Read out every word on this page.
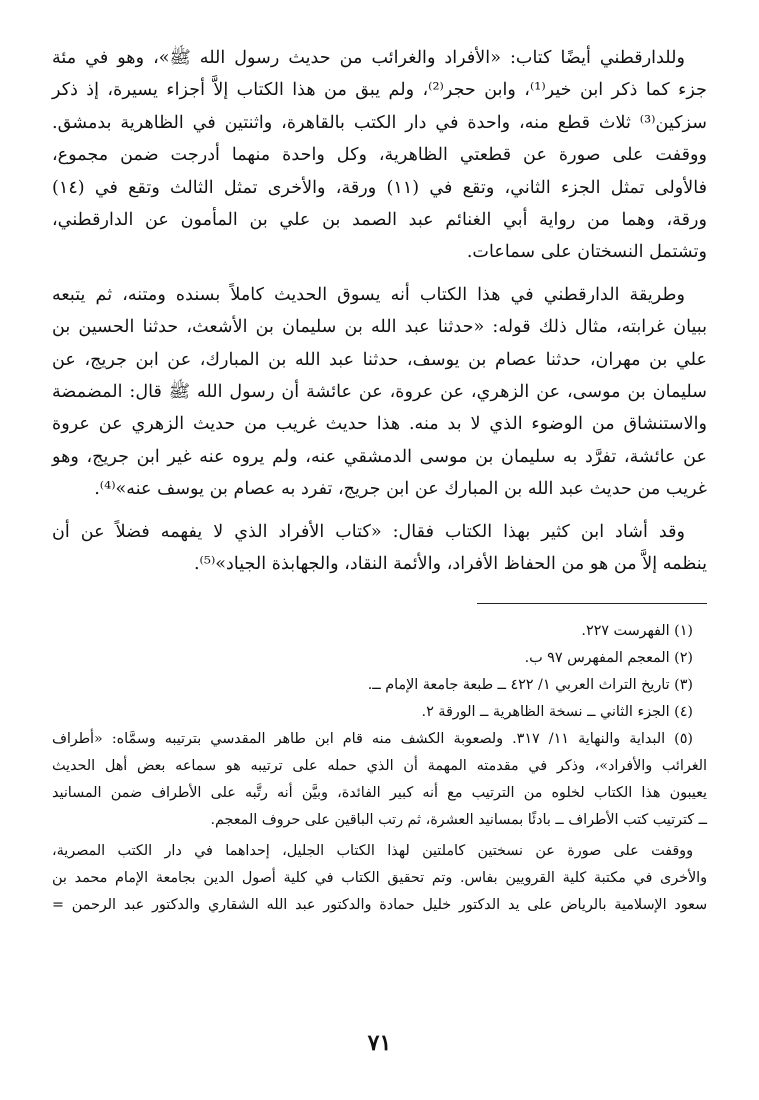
وللدارقطني أيضًا كتاب: «الأفراد والغرائب من حديث رسول الله ﷺ»، وهو في مئة
جزء كما ذكر ابن خير⁽¹⁾، وابن حجر⁽²⁾، ولم يبق من هذا الكتاب إلاَّ أجزاء يسيرة، إذ ذكر
سزكين⁽³⁾ ثلاث قطع منه، واحدة في دار الكتب بالقاهرة، واثنتين في الظاهرية بدمشق.
ووقفت على صورة عن قطعتي الظاهرية، وكل واحدة منهما أدرجت ضمن مجموع،
فالأولى تمثل الجزء الثاني، وتقع في (١١) ورقة، والأخرى تمثل الثالث وتقع في (١٤)
ورقة، وهما من رواية أبي الغنائم عبد الصمد بن علي بن المأمون عن الدارقطني،
وتشتمل النسختان على سماعات.
وطريقة الدارقطني في هذا الكتاب أنه يسوق الحديث كاملاً بسنده ومتنه، ثم يتبعه
ببيان غرابته، مثال ذلك قوله: «حدثنا عبد الله بن سليمان بن الأشعث، حدثنا الحسين بن
علي بن مهران، حدثنا عصام بن يوسف، حدثنا عبد الله بن المبارك، عن ابن جريج، عن
سليمان بن موسى، عن الزهري، عن عروة، عن عائشة أن رسول الله ﷺ قال: المضمضة
والاستنشاق من الوضوء الذي لا بد منه. هذا حديث غريب من حديث الزهري عن عروة
عن عائشة، تفرَّد به سليمان بن موسى الدمشقي عنه، ولم يروه عنه غير ابن جريج، وهو
غريب من حديث عبد الله بن المبارك عن ابن جريج، تفرد به عصام بن يوسف عنه»⁽⁴⁾.
وقد أشاد ابن كثير بهذا الكتاب فقال: «كتاب الأفراد الذي لا يفهمه فضلاً عن أن
ينظمه إلاَّ من هو من الحفاظ الأفراد، والأئمة النقاد، والجهابذة الجياد»⁽⁵⁾.
(١) الفهرست ٢٢٧.
(٢) المعجم المفهرس ٩٧ ب.
(٣) تاريخ التراث العربي ١/ ٤٢٢ ــ طبعة جامعة الإمام ــ.
(٤) الجزء الثاني ــ نسخة الظاهرية ــ الورقة ٢.
(٥) البداية والنهاية ١١/ ٣١٧. ولصعوبة الكشف منه قام ابن طاهر المقدسي بترتيبه وسمَّاه: «أطراف
الغرائب والأفراد»، وذكر في مقدمته المهمة أن الذي حمله على ترتيبه هو سماعه بعض أهل الحديث
يعيبون هذا الكتاب لخلوه من الترتيب مع أنه كبير الفائدة، وبيَّن أنه رتَّبه على الأطراف ضمن المسانيد
ــ كترتيب كتب الأطراف ــ بادئًا بمسانيد العشرة، ثم رتب الباقين على حروف المعجم.
ووقفت على صورة عن نسختين كاملتين لهذا الكتاب الجليل، إحداهما في دار الكتب المصرية،
والأخرى في مكتبة كلية القرويين بفاس. وتم تحقيق الكتاب في كلية أصول الدين بجامعة الإمام محمد بن
سعود الإسلامية بالرياض على يد الدكتور خليل حمادة والدكتور عبد الله الشقاري والدكتور عبد الرحمن =
٧١
